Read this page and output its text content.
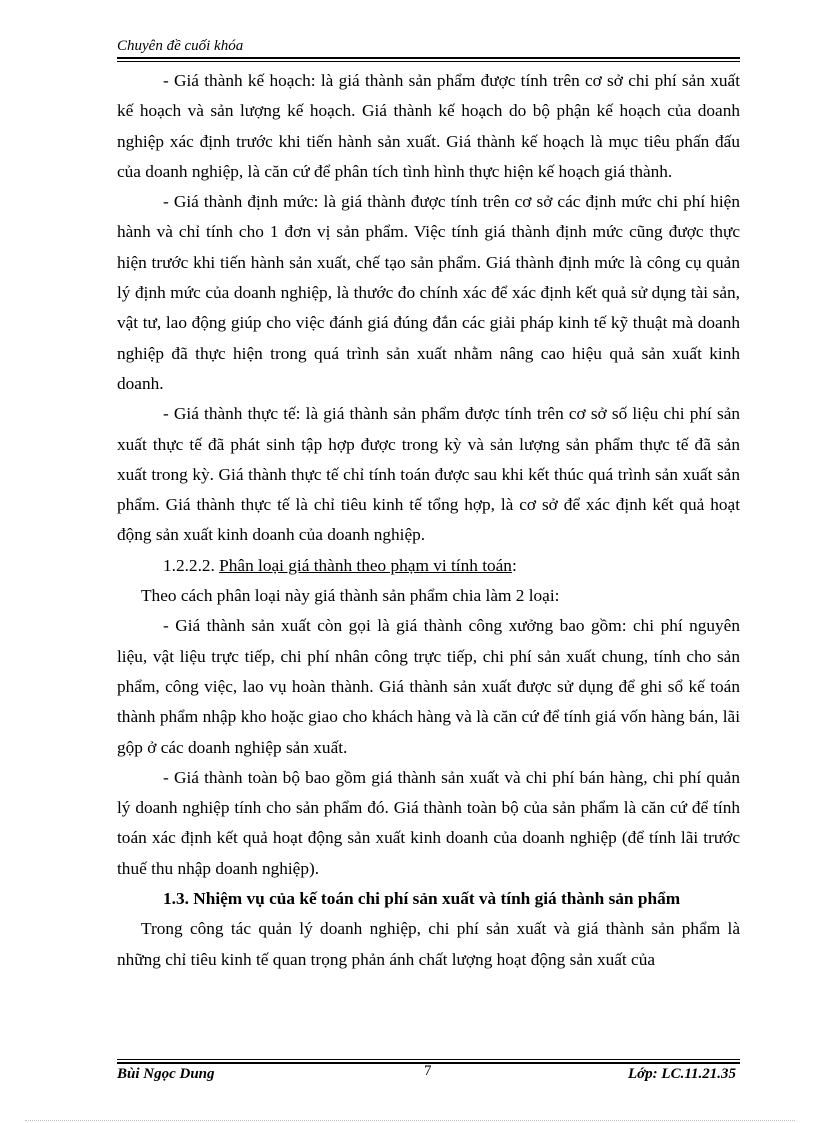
Chuyên đề cuối khóa

- Giá thành kế hoạch: là giá thành sản phẩm được tính trên cơ sở chi phí sản xuất kế hoạch và sản lượng kế hoạch. Giá thành kế hoạch do bộ phận kế hoạch của doanh nghiệp xác định trước khi tiến hành sản xuất. Giá thành kế hoạch là mục tiêu phấn đấu của doanh nghiệp, là căn cứ để phân tích tình hình thực hiện kế hoạch giá thành.

- Giá thành định mức: là giá thành được tính trên cơ sở các định mức chi phí hiện hành và chỉ tính cho 1 đơn vị sản phẩm. Việc tính giá thành định mức cũng được thực hiện trước khi tiến hành sản xuất, chế tạo sản phẩm. Giá thành định mức là công cụ quản lý định mức của doanh nghiệp, là thước đo chính xác để xác định kết quả sử dụng tài sản, vật tư, lao động giúp cho việc đánh giá đúng đắn các giải pháp kinh tế kỹ thuật mà doanh nghiệp đã thực hiện trong quá trình sản xuất nhằm nâng cao hiệu quả sản xuất kinh doanh.

- Giá thành thực tế: là giá thành sản phẩm được tính trên cơ sở số liệu chi phí sản xuất thực tế đã phát sinh tập hợp được trong kỳ và sản lượng sản phẩm thực tế đã sản xuất trong kỳ. Giá thành thực tế chỉ tính toán được sau khi kết thúc quá trình sản xuất sản phẩm. Giá thành thực tế là chỉ tiêu kinh tế tổng hợp, là cơ sở để xác định kết quả hoạt động sản xuất kinh doanh của doanh nghiệp.

1.2.2.2. Phân loại giá thành theo phạm vi tính toán:

Theo cách phân loại này giá thành sản phẩm chia làm 2 loại:

- Giá thành sản xuất còn gọi là giá thành công xưởng bao gồm: chi phí nguyên liệu, vật liệu trực tiếp, chi phí nhân công trực tiếp, chi phí sản xuất chung, tính cho sản phẩm, công việc, lao vụ hoàn thành. Giá thành sản xuất được sử dụng để ghi sổ kế toán thành phẩm nhập kho hoặc giao cho khách hàng và là căn cứ để tính giá vốn hàng bán, lãi gộp ở các doanh nghiệp sản xuất.

- Giá thành toàn bộ bao gồm giá thành sản xuất và chi phí bán hàng, chi phí quản lý doanh nghiệp tính cho sản phẩm đó. Giá thành toàn bộ của sản phẩm là căn cứ để tính toán xác định kết quả hoạt động sản xuất kinh doanh của doanh nghiệp (để tính lãi trước thuế thu nhập doanh nghiệp).

1.3. Nhiệm vụ của kế toán chi phí sản xuất và tính giá thành sản phẩm

Trong công tác quản lý doanh nghiệp, chi phí sản xuất và giá thành sản phẩm là những chỉ tiêu kinh tế quan trọng phản ánh chất lượng hoạt động sản xuất của

Bùi Ngọc Dung	7	Lớp: LC.11.21.35
